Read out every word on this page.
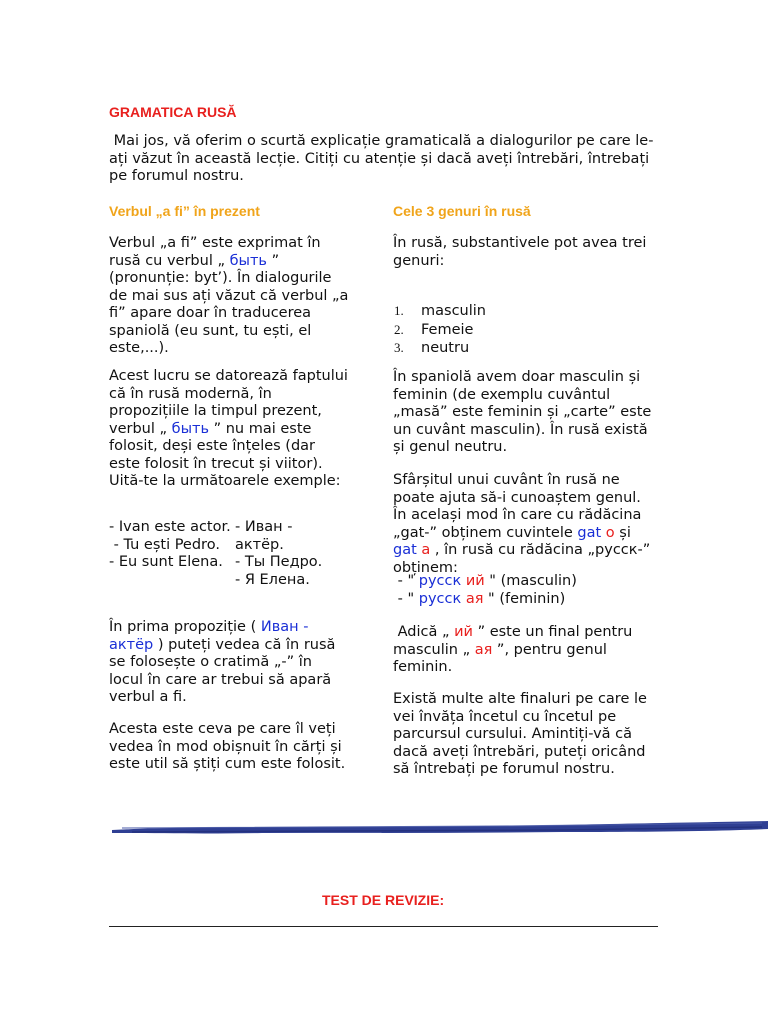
GRAMATICA RUSĂ
Mai jos, vă oferim o scurtă explicație gramaticală a dialogurilor pe care le-ați văzut în această lecție. Citiți cu atenție și dacă aveți întrebări, întrebați pe forumul nostru.
Verbul „a fi” în prezent

Verbul „a fi” este exprimat în rusă cu verbul „ быть ” (pronunție: byt’). În dialogurile de mai sus ați văzut că verbul „a fi” apare doar în traducerea spaniolă (eu sunt, tu ești, el este,...).

Acest lucru se datorează faptului că în rusă modernă, în propozițiile la timpul prezent, verbul „ быть ” nu mai este folosit, deși este înțeles (dar este folosit în trecut și viitor). Uită-te la următoarele exemple:

- Ivan este actor.
- Tu ești Pedro.
- Eu sunt Elena.
- Иван -
актёр.
- Ты Педро.
- Я Елена.

În prima propoziție ( Иван - актёр ) puteți vedea că în rusă se folosește o cratimă „-” în locul în care ar trebui să apară verbul a fi.

Acesta este ceva pe care îl veți vedea în mod obișnuit în cărți și este util să știți cum este folosit.

Cele 3 genuri în rusă

În rusă, substantivele pot avea trei genuri:

1. masculin
2. Femeie
3. neutru

În spaniolă avem doar masculin și feminin (de exemplu cuvântul „masă” este feminin și „carte” este un cuvânt masculin). În rusă există și genul neutru.

Sfârșitul unui cuvânt în rusă ne poate ajuta să-i cunoaștem genul. În același mod în care cu rădăcina „gat-” obținem cuvintele gat o și gat a , în rusă cu rădăcina „русск-” obținem:

- " русск ий " (masculin)
- " русск ая " (feminin)

Adică „ ий ” este un final pentru masculin „ ая ”, pentru genul feminin.

Există multe alte finaluri pe care le vei învăța încetul cu încetul pe parcursul cursului. Amintiți-vă că dacă aveți întrebări, puteți oricând să întrebați pe forumul nostru.

TEST DE REVIZIE:
